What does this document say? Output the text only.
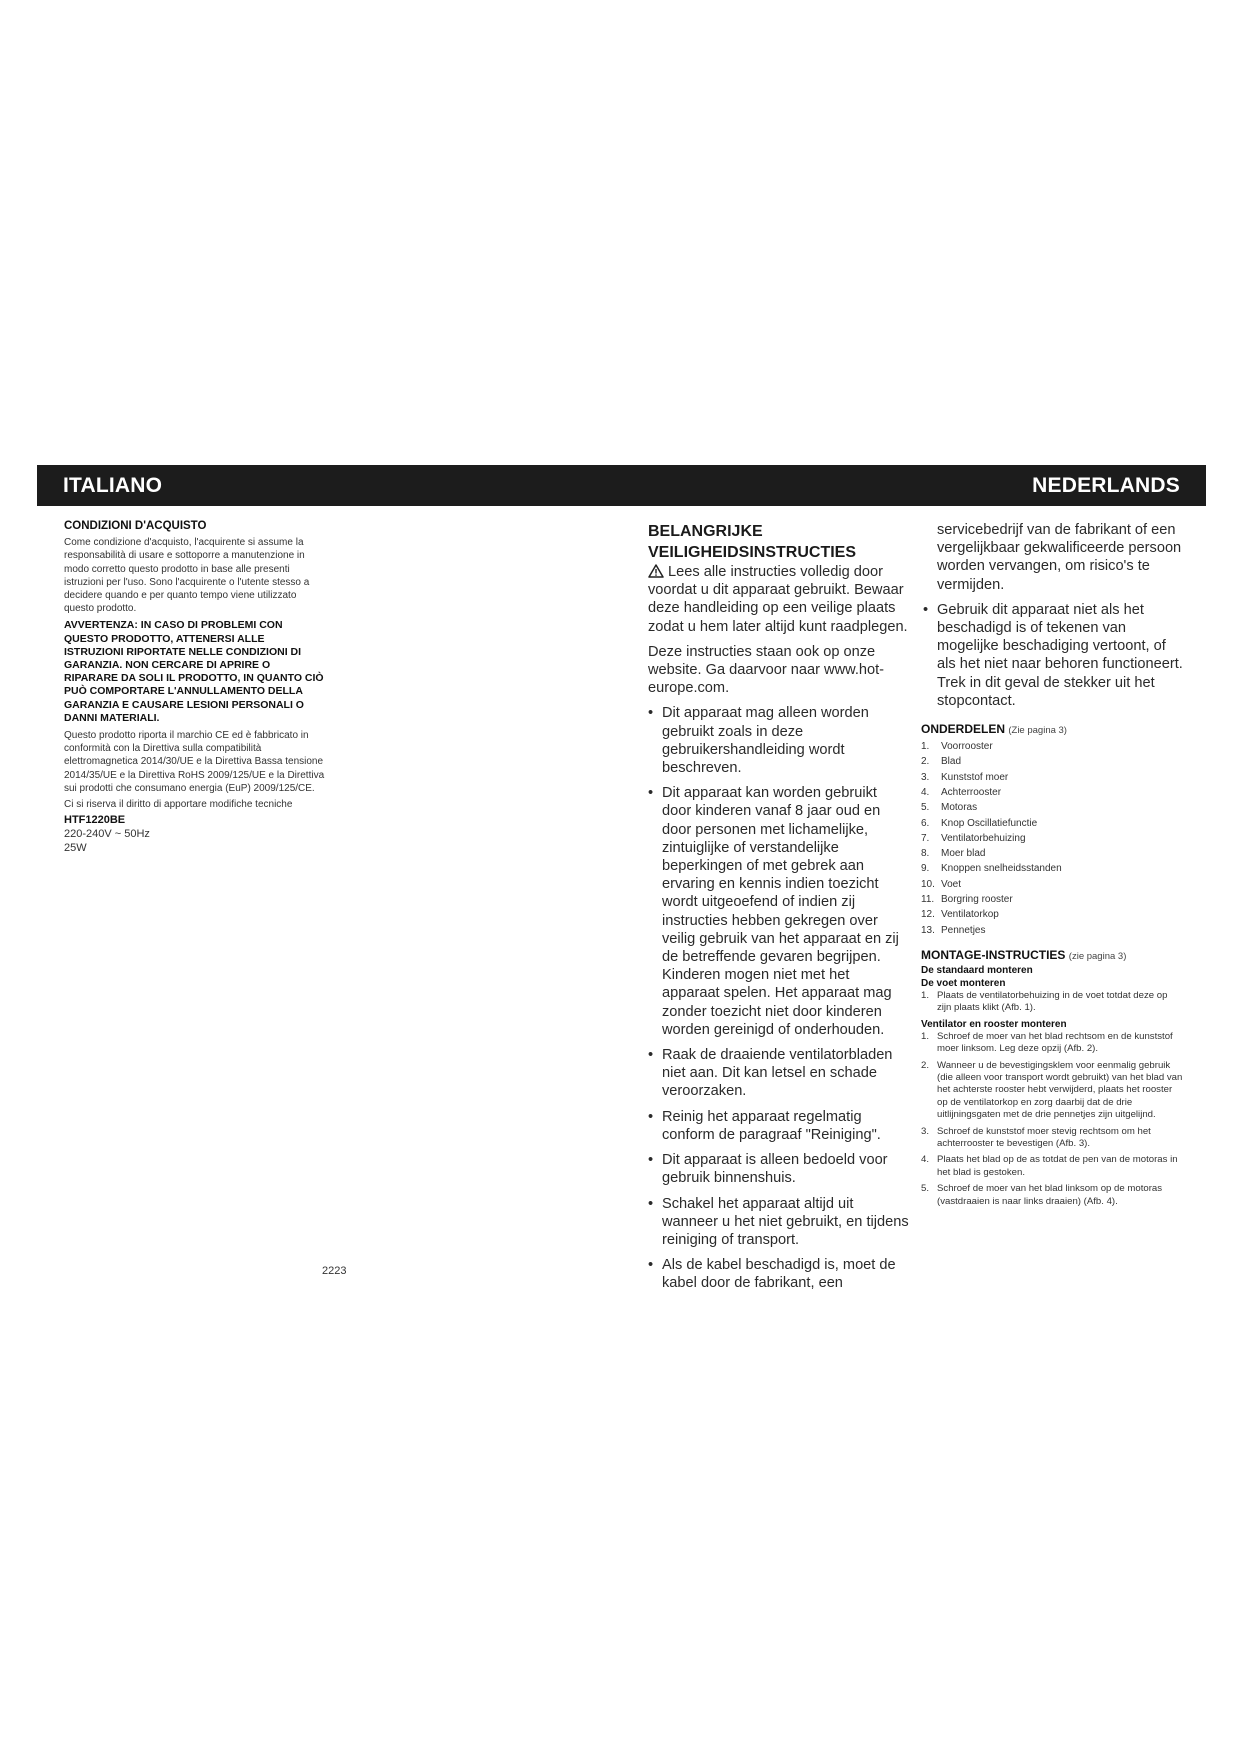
ITALIANO	NEDERLANDS
CONDIZIONI D'ACQUISTO

Come condizione d'acquisto, l'acquirente si assume la responsabilità di usare e sottoporre a manutenzione in modo corretto questo prodotto in base alle presenti istruzioni per l'uso. Sono l'acquirente o l'utente stesso a decidere quando e per quanto tempo viene utilizzato questo prodotto.

AVVERTENZA: IN CASO DI PROBLEMI CON QUESTO PRODOTTO, ATTENERSI ALLE ISTRUZIONI RIPORTATE NELLE CONDIZIONI DI GARANZIA. NON CERCARE DI APRIRE O RIPARARE DA SOLI IL PRODOTTO, IN QUANTO CIÒ PUÒ COMPORTARE L'ANNULLAMENTO DELLA GARANZIA E CAUSARE LESIONI PERSONALI O DANNI MATERIALI.

Questo prodotto riporta il marchio CE ed è fabbricato in conformità con la Direttiva sulla compatibilità elettromagnetica 2014/30/UE e la Direttiva Bassa tensione 2014/35/UE e la Direttiva RoHS 2009/125/UE e la Direttiva sui prodotti che consumano energia (EuP) 2009/125/CE.

Ci si riserva il diritto di apportare modifiche tecniche

HTF1220BE
220-240V ~ 50Hz
25W
2223
BELANGRIJKE
VEILIGHEIDSINSTRUCTIES

Lees alle instructies volledig door voordat u dit apparaat gebruikt. Bewaar deze handleiding op een veilige plaats zodat u hem later altijd kunt raadplegen.

Deze instructies staan ook op onze website. Ga daarvoor naar www.hot-europe.com.

• Dit apparaat mag alleen worden gebruikt zoals in deze gebruikershandleiding wordt beschreven.
• Dit apparaat kan worden gebruikt door kinderen vanaf 8 jaar oud en door personen met lichamelijke, zintuiglijke of verstandelijke beperkingen of met gebrek aan ervaring en kennis indien toezicht wordt uitgeoefend of indien zij instructies hebben gekregen over veilig gebruik van het apparaat en zij de betreffende gevaren begrijpen. Kinderen mogen niet met het apparaat spelen. Het apparaat mag zonder toezicht niet door kinderen worden gereinigd of onderhouden.
• Raak de draaiende ventilatorbladen niet aan. Dit kan letsel en schade veroorzaken.
• Reinig het apparaat regelmatig conform de paragraaf "Reiniging".
• Dit apparaat is alleen bedoeld voor gebruik binnenshuis.
• Schakel het apparaat altijd uit wanneer u het niet gebruikt, en tijdens reiniging of transport.
• Als de kabel beschadigd is, moet de kabel door de fabrikant, een

servicebedrijf van de fabrikant of een vergelijkbaar gekwalificeerde persoon worden vervangen, om risico's te vermijden.

• Gebruik dit apparaat niet als het beschadigd is of tekenen van mogelijke beschadiging vertoont, of als het niet naar behoren functioneert. Trek in dit geval de stekker uit het stopcontact.
ONDERDELEN (Zie pagina 3)
1. Voorrooster
2. Blad
3. Kunststof moer
4. Achterrooster
5. Motoras
6. Knop Oscillatiefunctie
7. Ventilatorbehuizing
8. Moer blad
9. Knoppen snelheidsstanden
10. Voet
11. Borgring rooster
12. Ventilatorkop
13. Pennetjes
MONTAGE-INSTRUCTIES (zie pagina 3)
De standaard monteren
De voet monteren
1. Plaats de ventilatorbehuizing in de voet totdat deze op zijn plaats klikt (Afb. 1).
Ventilator en rooster monteren
1. Schroef de moer van het blad rechtsom en de kunststof moer linksom. Leg deze opzij (Afb. 2).
2. Wanneer u de bevestigingsklem voor eenmalig gebruik (die alleen voor transport wordt gebruikt) van het blad van het achterste rooster hebt verwijderd, plaats het rooster op de ventilatorkop en zorg daarbij dat de drie uitlijningsgaten met de drie pennetjes zijn uitgelijnd.
3. Schroef de kunststof moer stevig rechtsom om het achterrooster te bevestigen (Afb. 3).
4. Plaats het blad op de as totdat de pen van de motoras in het blad is gestoken.
5. Schroef de moer van het blad linksom op de motoras (vastdraaien is naar links draaien) (Afb. 4).
